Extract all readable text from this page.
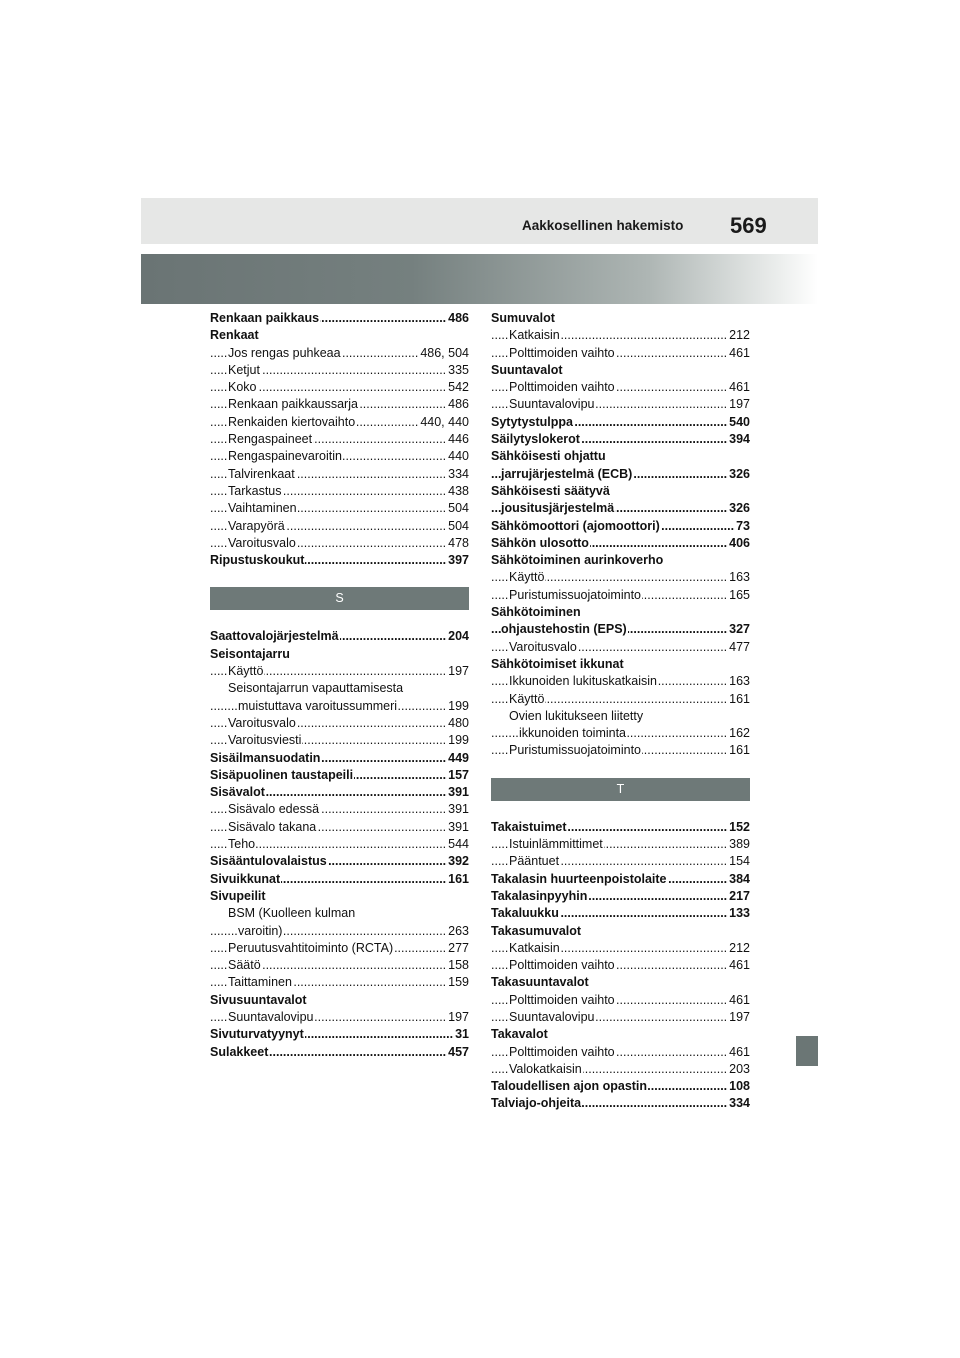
Aakkosellinen hakemisto 569
Renkaan paikkaus	486
.....
Renkaat
Jos rengas puhkeaa	486, 504
.....
Ketjut	335
.....
Koko	542
.....
Renkaan paikkaussarja	486
.....
Renkaiden kiertovaihto	440, 440
.....
Rengaspaineet	446
.....
Rengaspainevaroitin	440
.....
Talvirenkaat	334
.....
Tarkastus	438
.....
Vaihtaminen	504
.....
Varapyörä	504
.....
Varoitusvalo	478
.....
Ripustuskoukut	397
.....
S
Saattovalojärjestelmä	204
.....
Seisontajarru
Käyttö	197
.....
Seisontajarrun vapauttamisesta
muistuttava varoitussummeri	199
.....
Varoitusvalo	480
.....
Varoitusviesti	199
.....
Sisäilmansuodatin	449
.....
Sisäpuolinen taustapeili	157
.....
Sisävalot	391
.....
Sisävalo edessä	391
.....
Sisävalo takana	391
.....
Teho	544
.....
Sisääntulovalaistus	392
.....
Sivuikkunat	161
.....
Sivupeilit
BSM (Kuolleen kulman
varoitin)	263
.....
Peruutusvahtitoiminto (RCTA)	277
.....
Säätö	158
.....
Taittaminen	159
.....
Sivusuuntavalot
Suuntavalovipu	197
.....
Sivuturvatyynyt	31
.....
Sulakkeet	457
.....
Sumuvalot
Katkaisin	212
.....
Polttimoiden vaihto	461
.....
Suuntavalot
Polttimoiden vaihto	461
.....
Suuntavalovipu	197
.....
Sytytystulppa	540
.....
Säilytyslokerot	394
.....
Sähköisesti ohjattu
jarrujärjestelmä (ECB)	326
.....
Sähköisesti säätyvä
jousitusjärjestelmä	326
.....
Sähkömoottori (ajomoottori)	73
.....
Sähkön ulosotto	406
.....
Sähkötoiminen aurinkoverho
Käyttö	163
.....
Puristumissuojatoiminto	165
.....
Sähkötoiminen
ohjaustehostin (EPS)	327
.....
Varoitusvalo	477
.....
Sähkötoimiset ikkunat
Ikkunoiden lukituskatkaisin	163
.....
Käyttö	161
.....
Ovien lukitukseen liitetty
ikkunoiden toiminta	162
.....
Puristumissuojatoiminto	161
.....
T
Takaistuimet	152
.....
Istuinlämmittimet	389
.....
Pääntuet	154
.....
Takalasin huurteenpoistolaite	384
.....
Takalasinpyyhin	217
.....
Takaluukku	133
.....
Takasumuvalot
Katkaisin	212
.....
Polttimoiden vaihto	461
.....
Takasuuntavalot
Polttimoiden vaihto	461
.....
Suuntavalovipu	197
.....
Takavalot
Polttimoiden vaihto	461
.....
Valokatkaisin	203
.....
Taloudellisen ajon opastin	108
.....
Talviajo-ohjeita	334
.....
